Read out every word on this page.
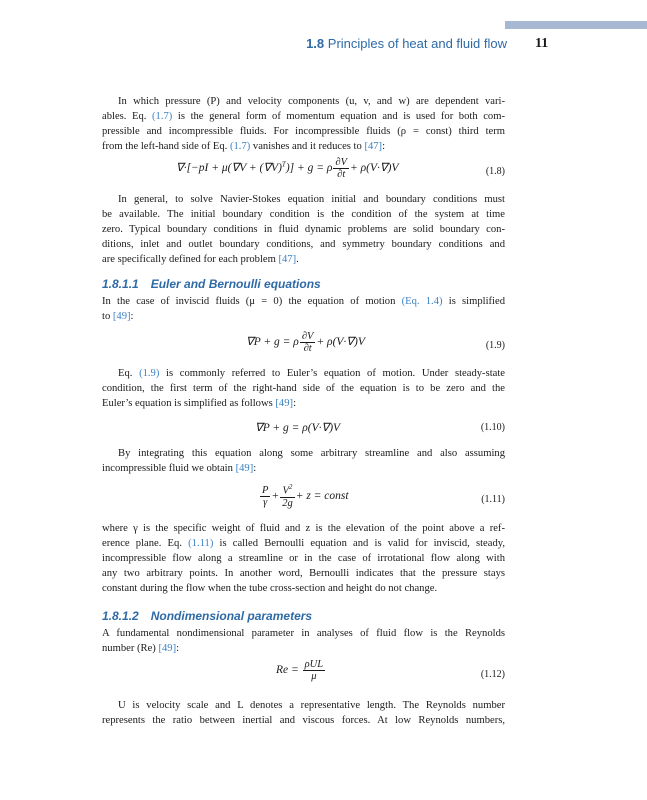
1.8 Principles of heat and fluid flow 11

In which pressure (P) and velocity components (u, v, and w) are dependent vari-
ables. Eq. (1.7) is the general form of momentum equation and is used for both com-
pressible and incompressible fluids. For incompressible fluids (ρ = const) third term
from the left-hand side of Eq. (1.7) vanishes and it reduces to [47]:

$\nabla\cdot[-pI + \mu(\nabla V + (\nabla V)^T)] + g = \rho \frac{\partial V}{\partial t} + \rho(V\cdot\nabla)V$	(1.8)

In general, to solve Navier-Stokes equation initial and boundary conditions must
be available. The initial boundary condition is the condition of the system at time
zero. Typical boundary conditions in fluid dynamic problems are solid boundary con-
ditions, inlet and outlet boundary conditions, and symmetry boundary conditions and
are specifically defined for each problem [47].

1.8.1.1 Euler and Bernoulli equations

In the case of inviscid fluids (μ = 0) the equation of motion (Eq. 1.4) is simplified
to [49]:

∇P + g = ρ $\frac{\partial V}{\partial t} + \rho(V\cdot\nabla)V$	(1.9)

Eq. (1.9) is commonly referred to Euler’s equation of motion. Under steady-state
condition, the first term of the right-hand side of the equation is to be zero and the
Euler’s equation is simplified as follows [49]:

∇P + g = ρ(V·∇)V	(1.10)

By integrating this equation along some arbitrary streamline and also assuming
incompressible fluid we obtain [49]:

$\frac{P}{\gamma} + \frac{V^2}{2g} + z$ = const	(1.11)

where γ is the specific weight of fluid and z is the elevation of the point above a ref-
erence plane. Eq. (1.11) is called Bernoulli equation and is valid for inviscid, steady,
incompressible flow along a streamline or in the case of irrotational flow along with
any two arbitrary points. In another word, Bernoulli indicates that the pressure stays
constant during the flow when the tube cross-section and height do not change.

1.8.1.2 Nondimensional parameters

A fundamental nondimensional parameter in analyses of fluid flow is the Reynolds
number (Re) [49]:

$Re = \frac{\text{ρUL}}{\mu}$	(1.12)

U is velocity scale and L denotes a representative length. The Reynolds number
represents the ratio between inertial and viscous forces. At low Reynolds numbers,
